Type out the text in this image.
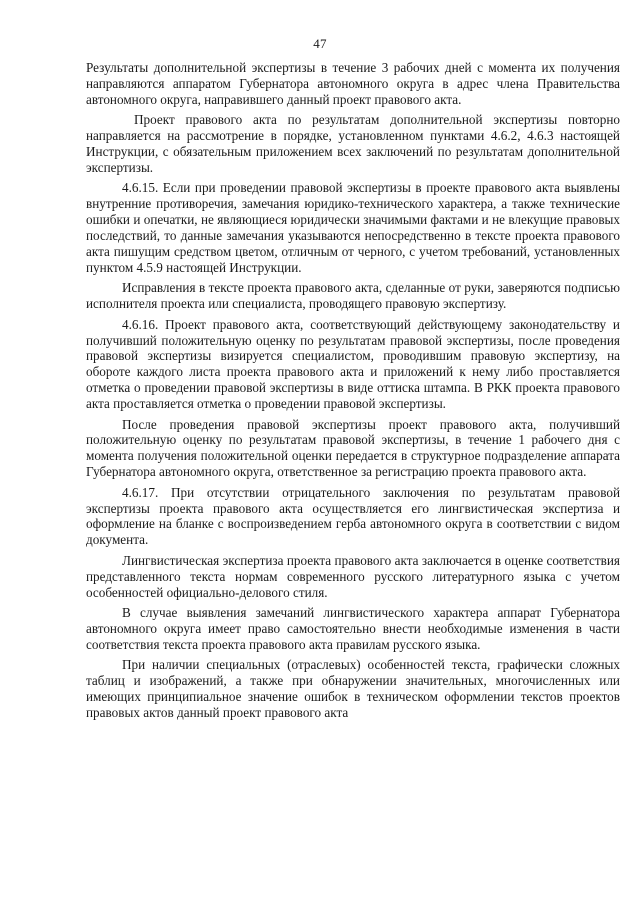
47

Результаты дополнительной экспертизы в течение 3 рабочих дней с момента их получения направляются аппаратом Губернатора автономного округа в адрес члена Правительства автономного округа, направившего данный проект правового акта.

Проект правового акта по результатам дополнительной экспертизы повторно направляется на рассмотрение в порядке, установленном пунктами 4.6.2, 4.6.3 настоящей Инструкции, с обязательным приложением всех заключений по результатам дополнительной экспертизы.

4.6.15. Если при проведении правовой экспертизы в проекте правового акта выявлены внутренние противоречия, замечания юридико-технического характера, а также технические ошибки и опечатки, не являющиеся юридически значимыми фактами и не влекущие правовых последствий, то данные замечания указываются непосредственно в тексте проекта правового акта пишущим средством цветом, отличным от черного, с учетом требований, установленных пунктом 4.5.9 настоящей Инструкции.

Исправления в тексте проекта правового акта, сделанные от руки, заверяются подписью исполнителя проекта или специалиста, проводящего правовую экспертизу.

4.6.16. Проект правового акта, соответствующий действующему законодательству и получивший положительную оценку по результатам правовой экспертизы, после проведения правовой экспертизы визируется специалистом, проводившим правовую экспертизу, на обороте каждого листа проекта правового акта и приложений к нему либо проставляется отметка о проведении правовой экспертизы в виде оттиска штампа. В РКК проекта правового акта проставляется отметка о проведении правовой экспертизы.

После проведения правовой экспертизы проект правового акта, получивший положительную оценку по результатам правовой экспертизы, в течение 1 рабочего дня с момента получения положительной оценки передается в структурное подразделение аппарата Губернатора автономного округа, ответственное за регистрацию проекта правового акта.

4.6.17. При отсутствии отрицательного заключения по результатам правовой экспертизы проекта правового акта осуществляется его лингвистическая экспертиза и оформление на бланке с воспроизведением герба автономного округа в соответствии с видом документа.

Лингвистическая экспертиза проекта правового акта заключается в оценке соответствия представленного текста нормам современного русского литературного языка с учетом особенностей официально-делового стиля.

В случае выявления замечаний лингвистического характера аппарат Губернатора автономного округа имеет право самостоятельно внести необходимые изменения в части соответствия текста проекта правового акта правилам русского языка.

При наличии специальных (отраслевых) особенностей текста, графически сложных таблиц и изображений, а также при обнаружении значительных, многочисленных или имеющих принципиальное значение ошибок в техническом оформлении текстов проектов правовых актов данный проект правового акта
